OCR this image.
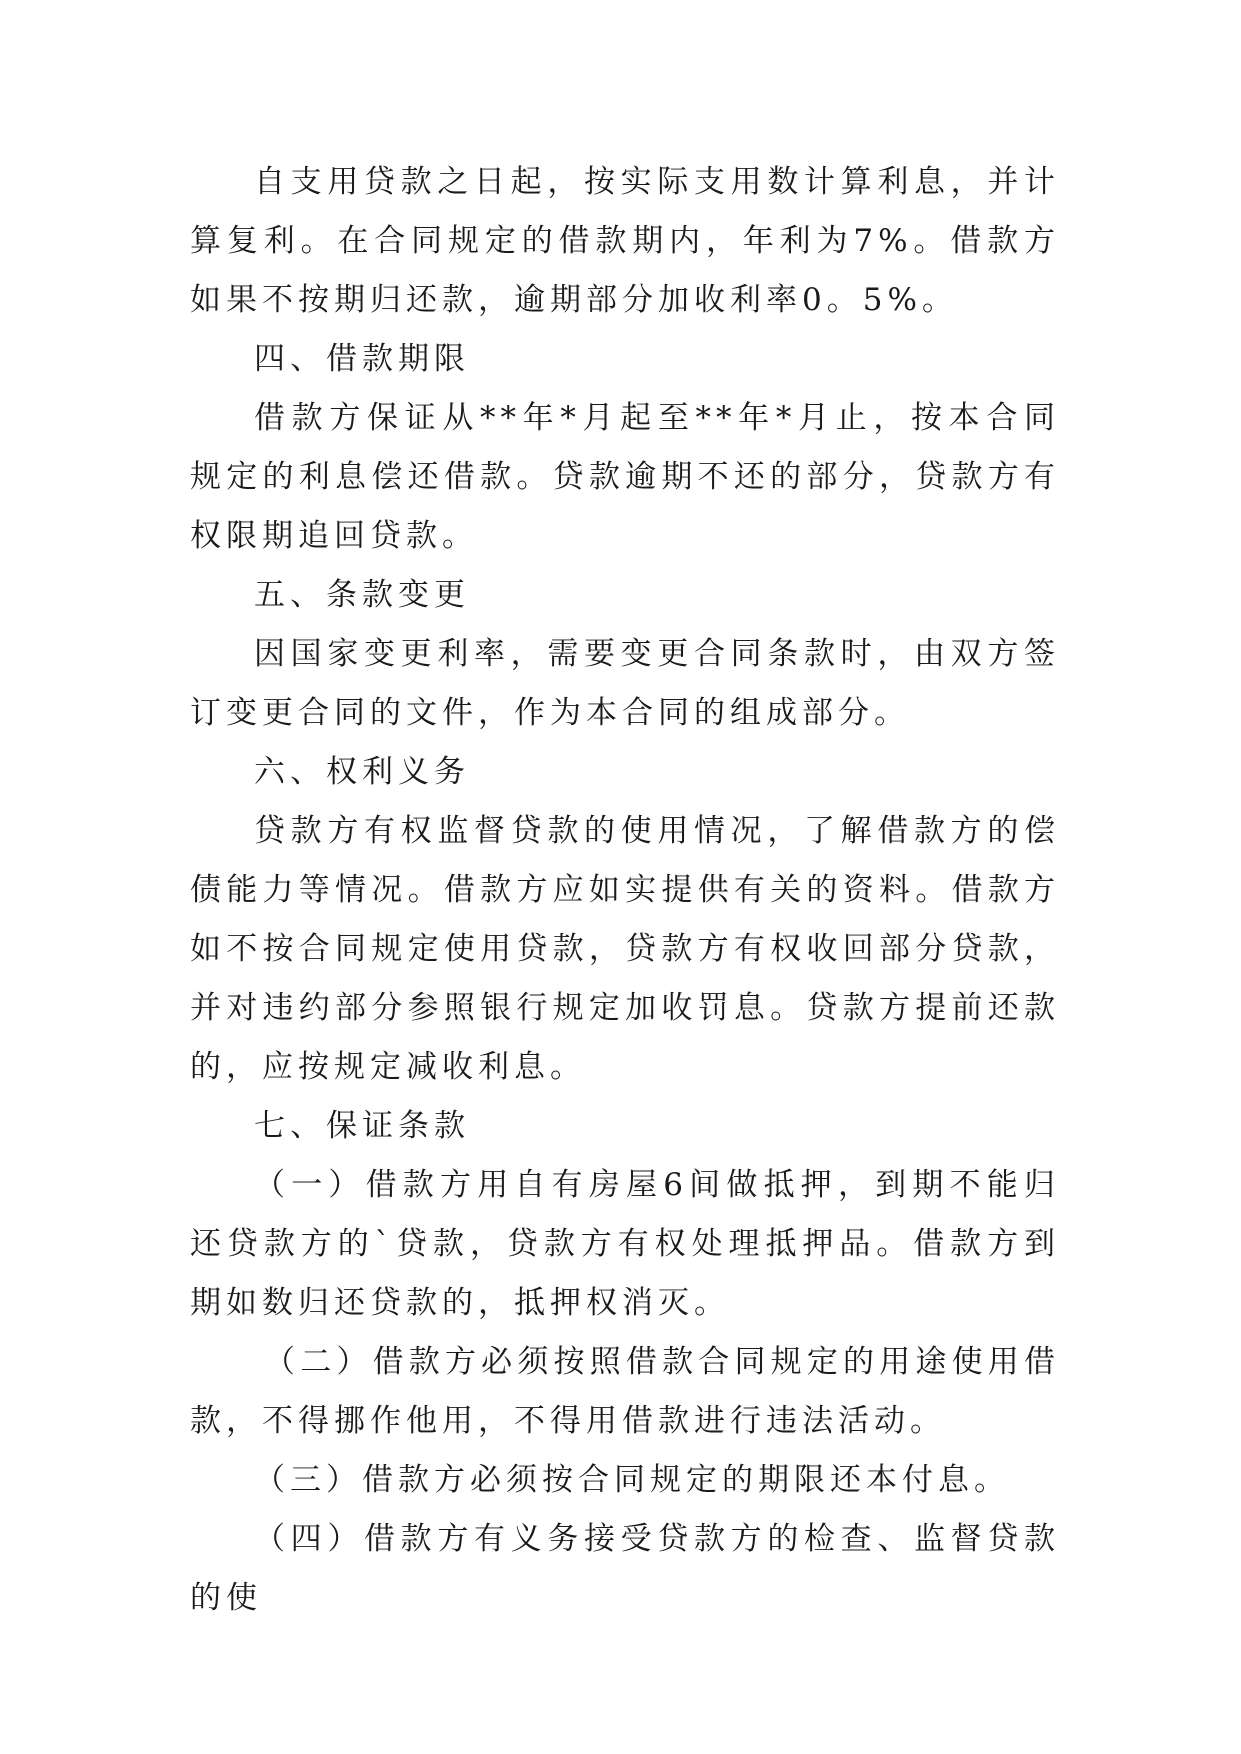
自支用贷款之日起，按实际支用数计算利息，并计算复利。在合同规定的借款期内，年利为7%。借款方如果不按期归还款，逾期部分加收利率0。5%。

四、借款期限

借款方保证从**年*月起至**年*月止，按本合同规定的利息偿还借款。贷款逾期不还的部分，贷款方有权限期追回贷款。

五、条款变更

因国家变更利率，需要变更合同条款时，由双方签订变更合同的文件，作为本合同的组成部分。

六、权利义务

贷款方有权监督贷款的使用情况，了解借款方的偿债能力等情况。借款方应如实提供有关的资料。借款方如不按合同规定使用贷款，贷款方有权收回部分贷款，并对违约部分参照银行规定加收罚息。贷款方提前还款的，应按规定减收利息。

七、保证条款

（一）借款方用自有房屋6间做抵押，到期不能归还贷款方的`贷款，贷款方有权处理抵押品。借款方到期如数归还贷款的，抵押权消灭。

（二）借款方必须按照借款合同规定的用途使用借款，不得挪作他用，不得用借款进行违法活动。

（三）借款方必须按合同规定的期限还本付息。

（四）借款方有义务接受贷款方的检查、监督贷款的使
